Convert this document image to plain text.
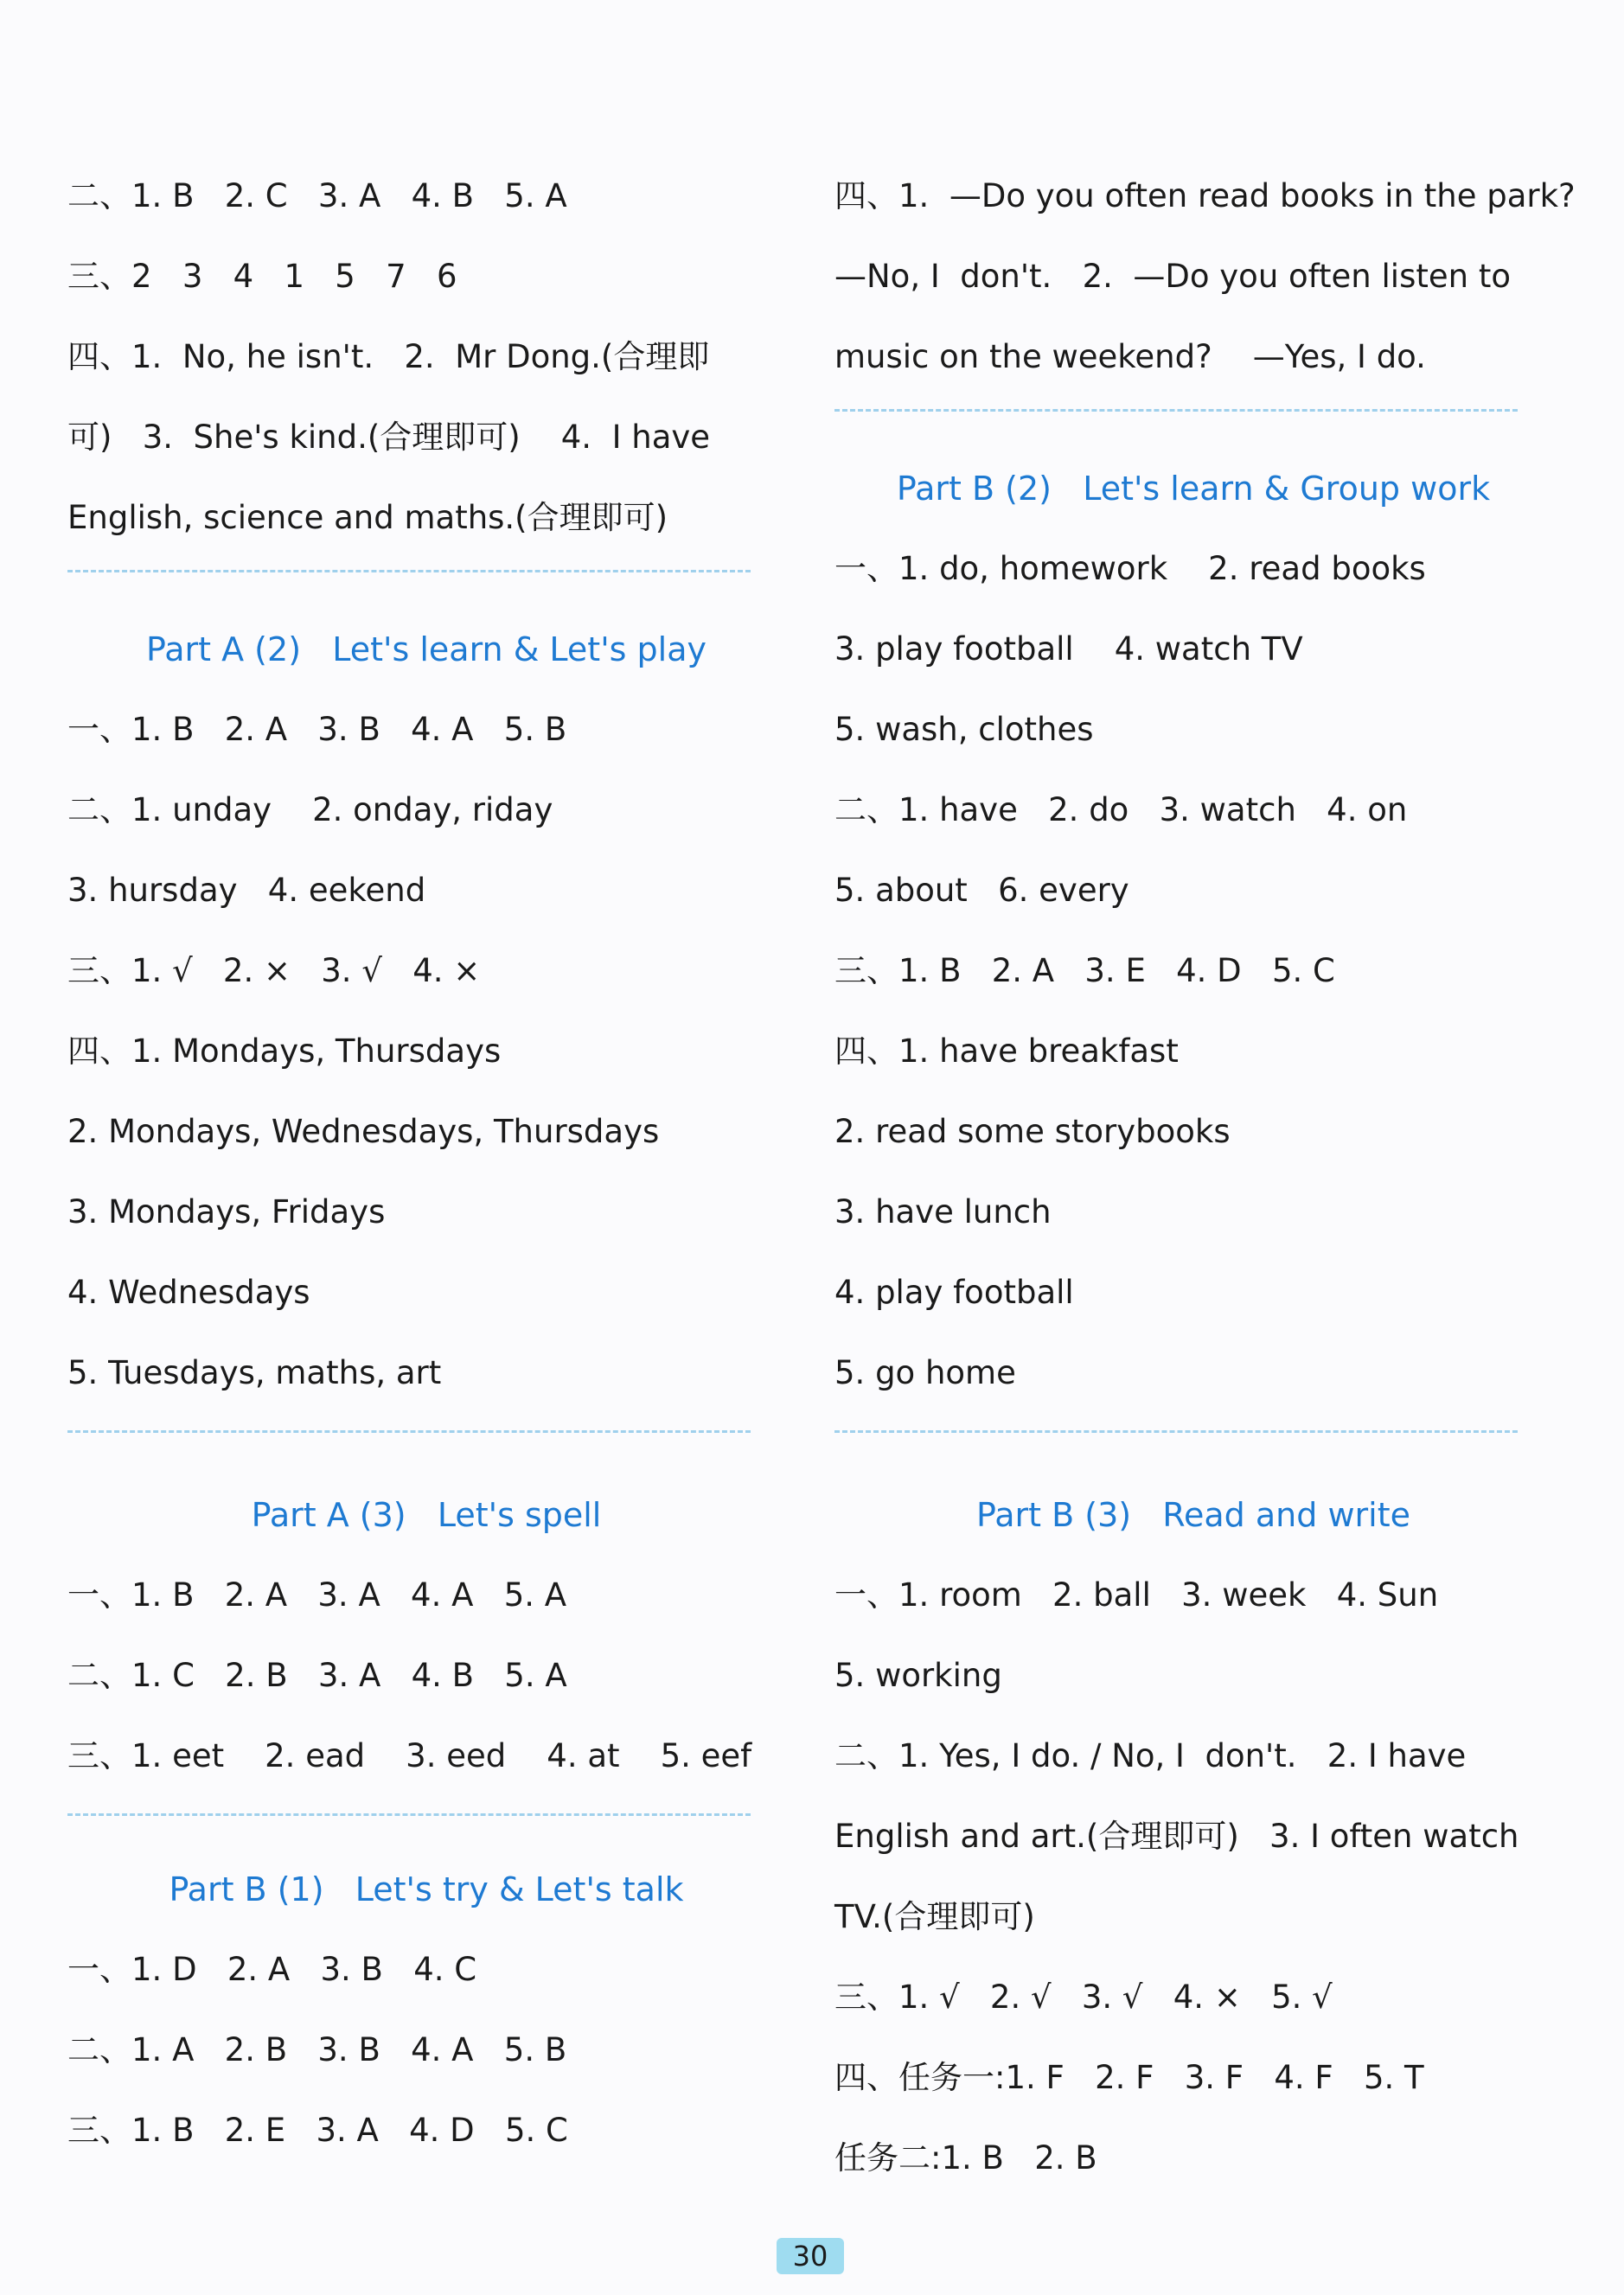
二、1. B   2. C   3. A   4. B   5. A
三、2   3   4   1   5   7   6
四、1.  No, he isn't.   2.  Mr Dong.(合理即
可)   3.  She's kind.(合理即可)    4.  I have
English, science and maths.(合理即可)
Part A (2)   Let's learn & Let's play
一、1. B   2. A   3. B   4. A   5. B
二、1. unday    2. onday, riday
3. hursday   4. eekend
三、1. √   2. ×   3. √   4. ×
四、1. Mondays, Thursdays
2. Mondays, Wednesdays, Thursdays
3. Mondays, Fridays
4. Wednesdays
5. Tuesdays, maths, art
Part A (3)   Let's spell
一、1. B   2. A   3. A   4. A   5. A
二、1. C   2. B   3. A   4. B   5. A
三、1. eet    2. ead    3. eed    4. at    5. eef
Part B (1)   Let's try & Let's talk
一、1. D   2. A   3. B   4. C
二、1. A   2. B   3. B   4. A   5. B
三、1. B   2. E   3. A   4. D   5. C
四、1.  —Do you often read books in the park?
—No, I  don't.   2.  —Do you often listen to
music on the weekend?    —Yes, I do.
Part B (2)   Let's learn & Group work
一、1. do, homework    2. read books
3. play football    4. watch TV
5. wash, clothes
二、1. have   2. do   3. watch   4. on
5. about   6. every
三、1. B   2. A   3. E   4. D   5. C
四、1. have breakfast
2. read some storybooks
3. have lunch
4. play football
5. go home
Part B (3)   Read and write
一、1. room   2. ball   3. week   4. Sun
5. working
二、1. Yes, I do. / No, I  don't.   2. I have
English and art.(合理即可)   3. I often watch
TV.(合理即可)
三、1. √   2. √   3. √   4. ×   5. √
四、任务一:1. F   2. F   3. F   4. F   5. T
任务二:1. B   2. B
30
